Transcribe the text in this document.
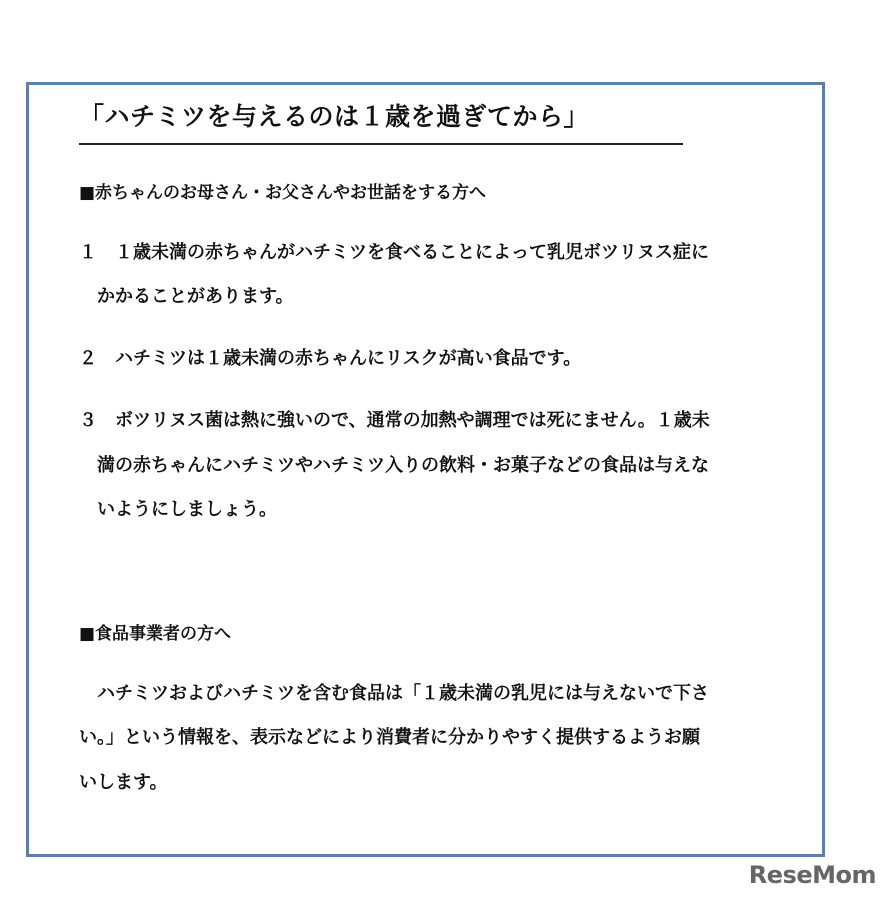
「ハチミツを与えるのは１歳を過ぎてから」
■赤ちゃんのお母さん・お父さんやお世話をする方へ
１　１歳未満の赤ちゃんがハチミツを食べることによって乳児ボツリヌス症に
かかることがあります。
２　ハチミツは１歳未満の赤ちゃんにリスクが高い食品です。
３　ボツリヌス菌は熱に強いので、通常の加熱や調理では死にません。１歳未
満の赤ちゃんにハチミツやハチミツ入りの飲料・お菓子などの食品は与えな
いようにしましょう。
■食品事業者の方へ
ハチミツおよびハチミツを含む食品は「１歳未満の乳児には与えないで下さ
い。」という情報を、表示などにより消費者に分かりやすく提供するようお願
いします。
ReseMom
